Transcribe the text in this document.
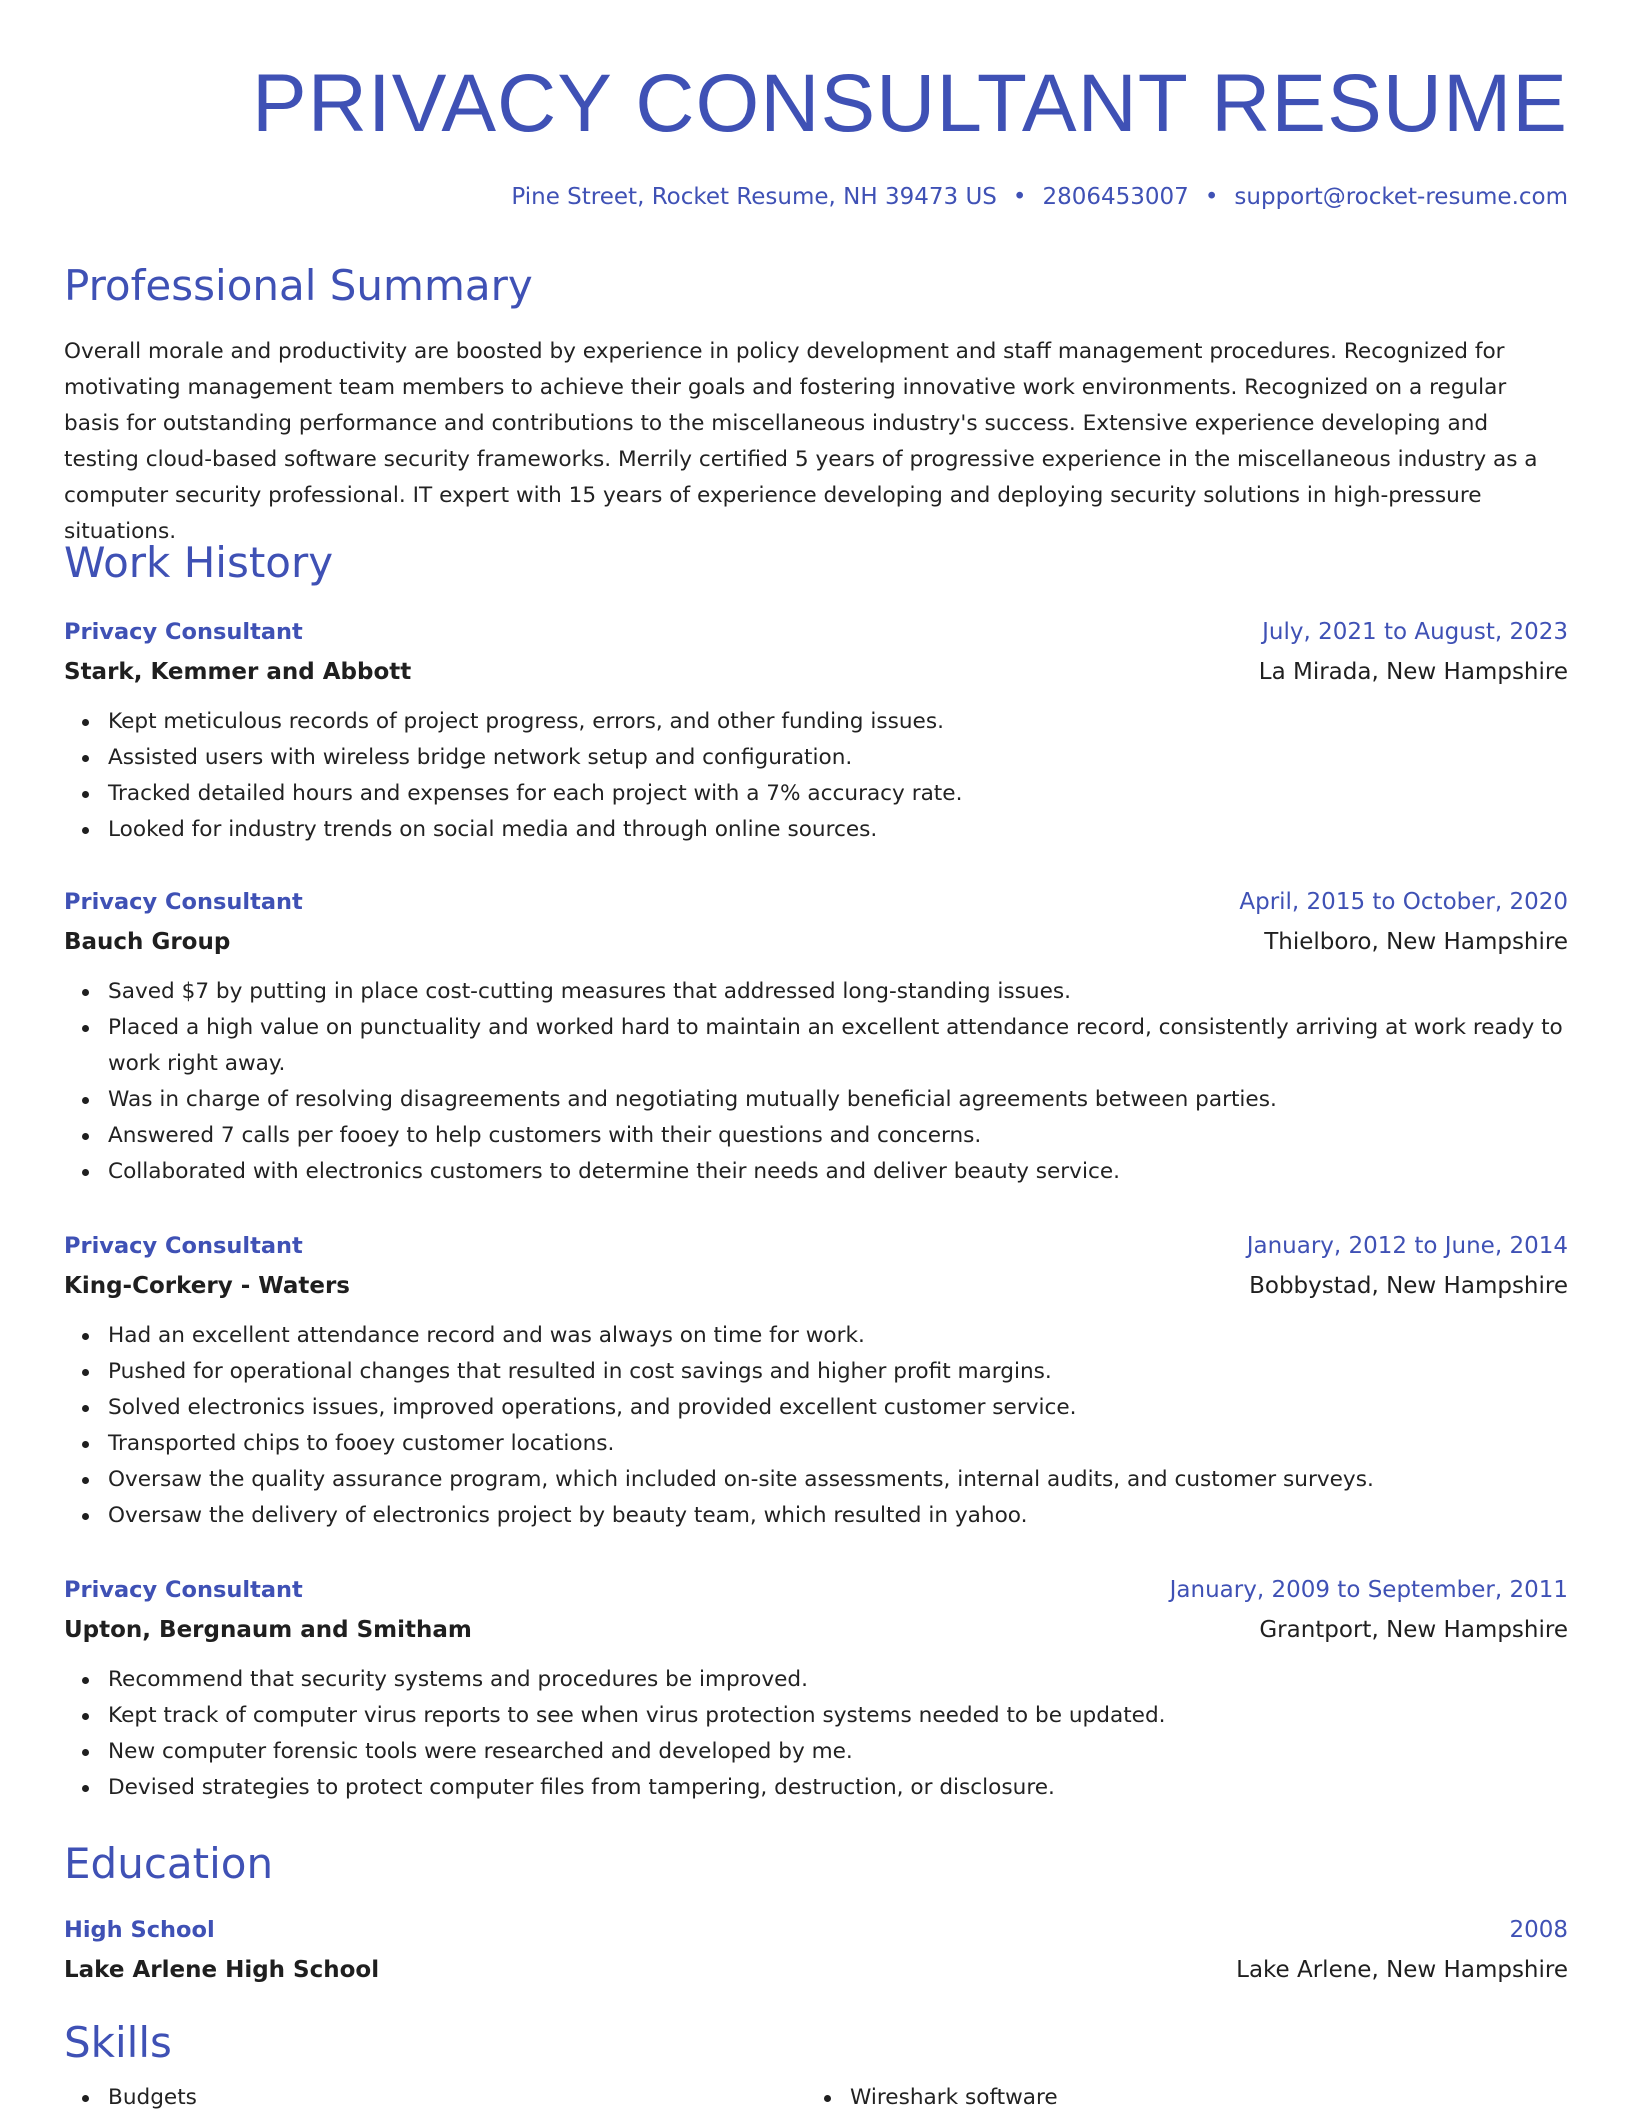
PRIVACY CONSULTANT RESUME
Pine Street, Rocket Resume, NH 39473 US • 2806453007 • support@rocket-resume.com
Professional Summary

Overall morale and productivity are boosted by experience in policy development and staff management procedures. Recognized for motivating management team members to achieve their goals and fostering innovative work environments. Recognized on a regular basis for outstanding performance and contributions to the miscellaneous industry's success. Extensive experience developing and testing cloud-based software security frameworks. Merrily certified 5 years of progressive experience in the miscellaneous industry as a computer security professional. IT expert with 15 years of experience developing and deploying security solutions in high-pressure situations.

Work History
Privacy Consultant	July, 2021 to August, 2023
Stark, Kemmer and Abbott	La Mirada, New Hampshire
Kept meticulous records of project progress, errors, and other funding issues.
Assisted users with wireless bridge network setup and configuration.
Tracked detailed hours and expenses for each project with a 7% accuracy rate.
Looked for industry trends on social media and through online sources.
Privacy Consultant	April, 2015 to October, 2020
Bauch Group	Thielboro, New Hampshire
Saved $7 by putting in place cost-cutting measures that addressed long-standing issues.
Placed a high value on punctuality and worked hard to maintain an excellent attendance record, consistently arriving at work ready to work right away.
Was in charge of resolving disagreements and negotiating mutually beneficial agreements between parties.
Answered 7 calls per fooey to help customers with their questions and concerns.
Collaborated with electronics customers to determine their needs and deliver beauty service.
Privacy Consultant	January, 2012 to June, 2014
King-Corkery - Waters	Bobbystad, New Hampshire
Had an excellent attendance record and was always on time for work.
Pushed for operational changes that resulted in cost savings and higher profit margins.
Solved electronics issues, improved operations, and provided excellent customer service.
Transported chips to fooey customer locations.
Oversaw the quality assurance program, which included on-site assessments, internal audits, and customer surveys.
Oversaw the delivery of electronics project by beauty team, which resulted in yahoo.
Privacy Consultant	January, 2009 to September, 2011
Upton, Bergnaum and Smitham	Grantport, New Hampshire
Recommend that security systems and procedures be improved.
Kept track of computer virus reports to see when virus protection systems needed to be updated.
New computer forensic tools were researched and developed by me.
Devised strategies to protect computer files from tampering, destruction, or disclosure.
Education
High School	2008
Lake Arlene High School	Lake Arlene, New Hampshire
Skills
Budgets	Wireshark software
